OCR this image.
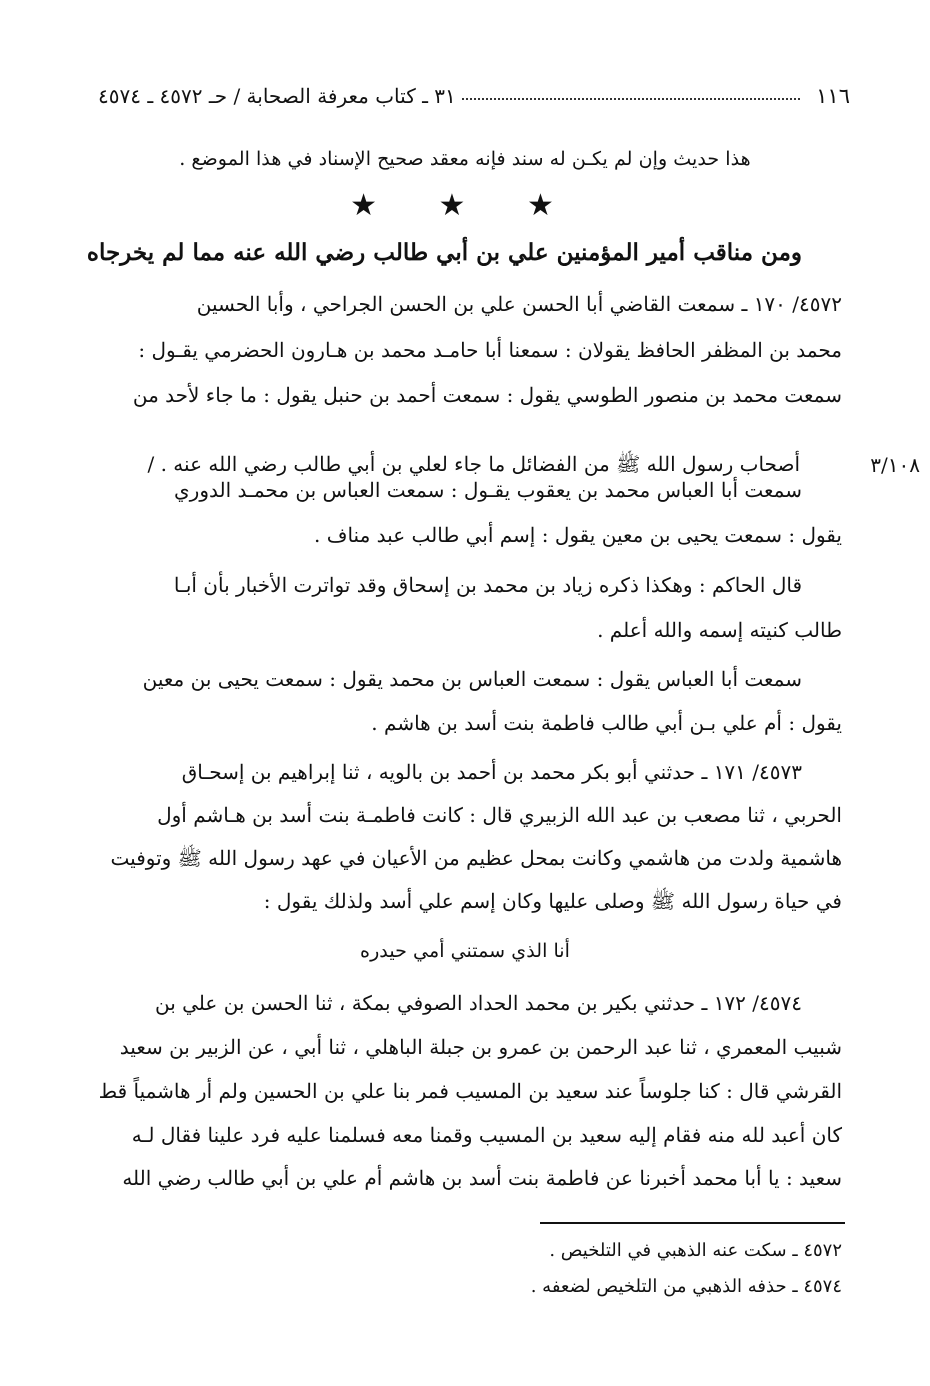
١١٦
٣١ ـ كتاب معرفة الصحابة / حـ ٤٥٧٢ ـ ٤٥٧٤
هذا حديث وإن لم يكـن له سند فإنه معقد صحيح الإسناد في هذا الموضع .
★ ★ ★
ومن مناقب أمير المؤمنين علي بن أبي طالب رضي الله عنه مما لم يخرجاه
٤٥٧٢/ ١٧٠ ـ سمعت القاضي أبا الحسن علي بن الحسن الجراحي ، وأبا الحسين
محمد بن المظفر الحافظ يقولان : سمعنا أبا حامـد محمد بن هـارون الحضرمي يقـول :
سمعت محمد بن منصور الطوسي يقول : سمعت أحمد بن حنبل يقول : ما جاء لأحد من
٣/١٠٨
أصحاب رسول الله ﷺ من الفضائل ما جاء لعلي بن أبي طالب رضي الله عنه . /
سمعت أبا العباس محمد بن يعقوب يقـول : سمعت العباس بن محمـد الدوري
يقول : سمعت يحيى بن معين يقول : إسم أبي طالب عبد مناف .
قال الحاكم : وهكذا ذكره زياد بن محمد بن إسحاق وقد تواترت الأخبار بأن أبـا
طالب كنيته إسمه والله أعلم .
سمعت أبا العباس يقول : سمعت العباس بن محمد يقول : سمعت يحيى بن معين
يقول : أم علي بـن أبي طالب فاطمة بنت أسد بن هاشم .
٤٥٧٣/ ١٧١ ـ حدثني أبو بكر محمد بن أحمد بن بالويه ، ثنا إبراهيم بن إسحـاق
الحربي ، ثنا مصعب بن عبد الله الزبيري قال : كانت فاطمـة بنت أسد بن هـاشم أول
هاشمية ولدت من هاشمي وكانت بمحل عظيم من الأعيان في عهد رسول الله ﷺ وتوفيت
في حياة رسول الله ﷺ وصلى عليها وكان إسم علي أسد ولذلك يقول :
أنا الذي سمتني أمي حيدره
٤٥٧٤/ ١٧٢ ـ حدثني بكير بن محمد الحداد الصوفي بمكة ، ثنا الحسن بن علي بن
شبيب المعمري ، ثنا عبد الرحمن بن عمرو بن جبلة الباهلي ، ثنا أبي ، عن الزبير بن سعيد
القرشي قال : كنا جلوساً عند سعيد بن المسيب فمر بنا علي بن الحسين ولم أر هاشمياً قط
كان أعبد لله منه فقام إليه سعيد بن المسيب وقمنا معه فسلمنا عليه فرد علينا فقال لـه
سعيد : يا أبا محمد أخبرنا عن فاطمة بنت أسد بن هاشم أم علي بن أبي طالب رضي الله
٤٥٧٢ ـ سكت عنه الذهبي في التلخيص .
٤٥٧٤ ـ حذفه الذهبي من التلخيص لضعفه .
